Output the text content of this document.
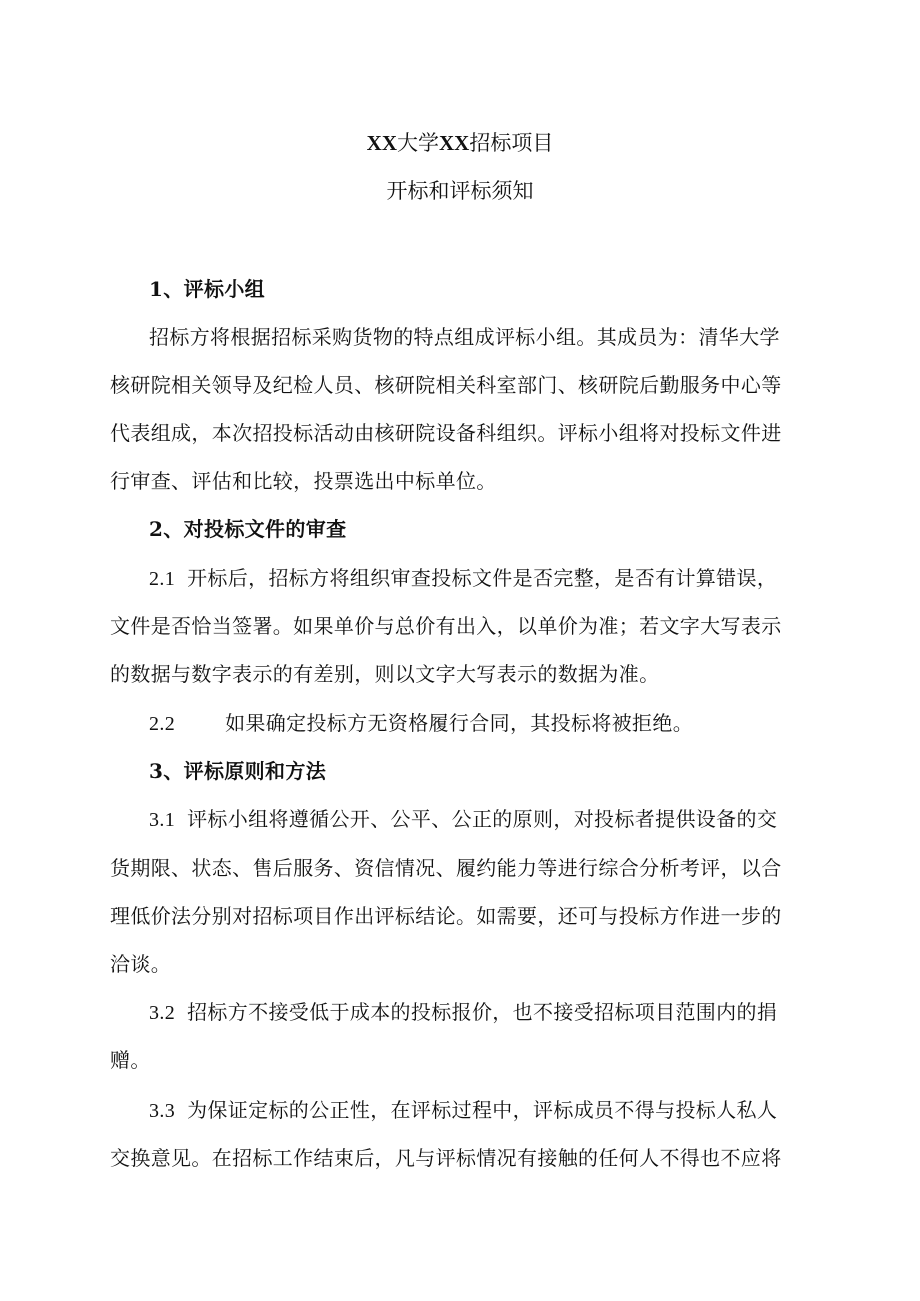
XX大学XX招标项目
开标和评标须知
1、评标小组
招标方将根据招标采购货物的特点组成评标小组。其成员为：清华大学
核研院相关领导及纪检人员、核研院相关科室部门、核研院后勤服务中心等
代表组成，本次招投标活动由核研院设备科组织。评标小组将对投标文件进
行审查、评估和比较，投票选出中标单位。
2、对投标文件的审查
2.1 开标后，招标方将组织审查投标文件是否完整，是否有计算错误，
文件是否恰当签署。如果单价与总价有出入，以单价为准；若文字大写表示
的数据与数字表示的有差别，则以文字大写表示的数据为准。
2.2	如果确定投标方无资格履行合同，其投标将被拒绝。
3、评标原则和方法
3.1 评标小组将遵循公开、公平、公正的原则，对投标者提供设备的交
货期限、状态、售后服务、资信情况、履约能力等进行综合分析考评，以合
理低价法分别对招标项目作出评标结论。如需要，还可与投标方作进一步的
洽谈。
3.2 招标方不接受低于成本的投标报价，也不接受招标项目范围内的捐
赠。
3.3 为保证定标的公正性，在评标过程中，评标成员不得与投标人私人
交换意见。在招标工作结束后，凡与评标情况有接触的任何人不得也不应将
